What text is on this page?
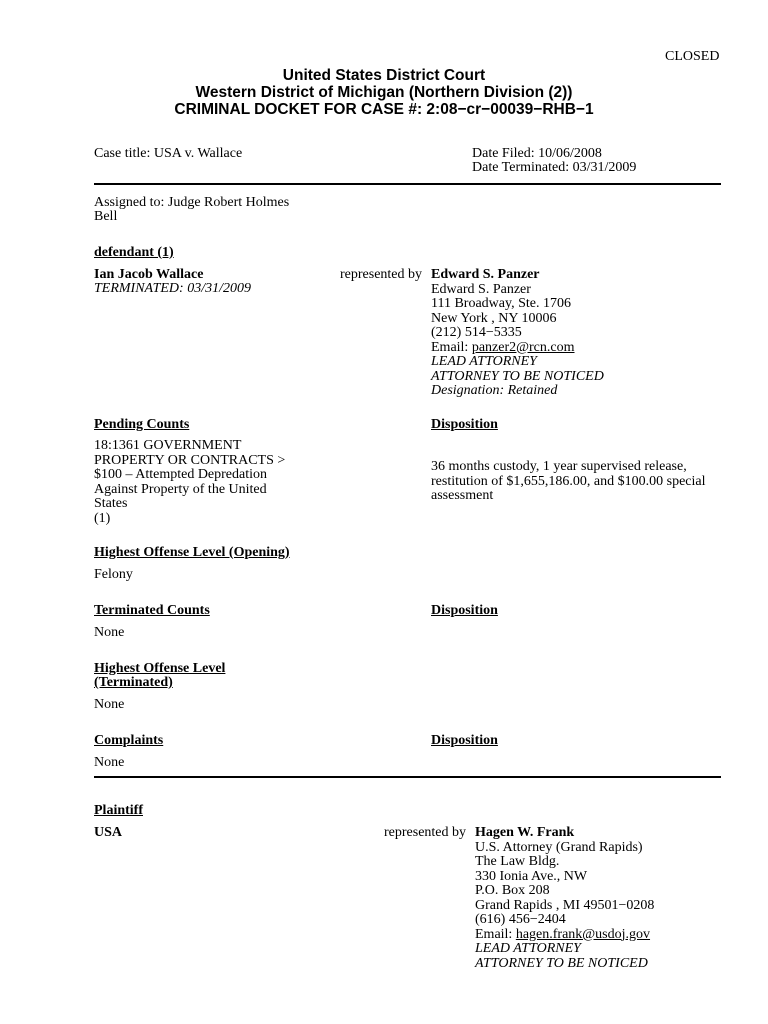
CLOSED
United States District Court
Western District of Michigan (Northern Division (2))
CRIMINAL DOCKET FOR CASE #: 2:08−cr−00039−RHB−1
Case title: USA v. Wallace	Date Filed: 10/06/2008
Date Terminated: 03/31/2009
Assigned to: Judge Robert Holmes
Bell
defendant (1)
Ian Jacob Wallace
TERMINATED: 03/31/2009
represented by Edward S. Panzer
Edward S. Panzer
111 Broadway, Ste. 1706
New York , NY 10006
(212) 514−5335
Email: panzer2@rcn.com
LEAD ATTORNEY
ATTORNEY TO BE NOTICED
Designation: Retained
Pending Counts	Disposition
18:1361 GOVERNMENT
PROPERTY OR CONTRACTS >
$100 – Attempted Depredation
Against Property of the United
States
(1)
36 months custody, 1 year supervised release,
restitution of $1,655,186.00, and $100.00 special
assessment
Highest Offense Level (Opening)
Felony
Terminated Counts	Disposition
None
Highest Offense Level
(Terminated)
None
Complaints	Disposition
None
Plaintiff
USA	represented by Hagen W. Frank
U.S. Attorney (Grand Rapids)
The Law Bldg.
330 Ionia Ave., NW
P.O. Box 208
Grand Rapids , MI 49501−0208
(616) 456−2404
Email: hagen.frank@usdoj.gov
LEAD ATTORNEY
ATTORNEY TO BE NOTICED
